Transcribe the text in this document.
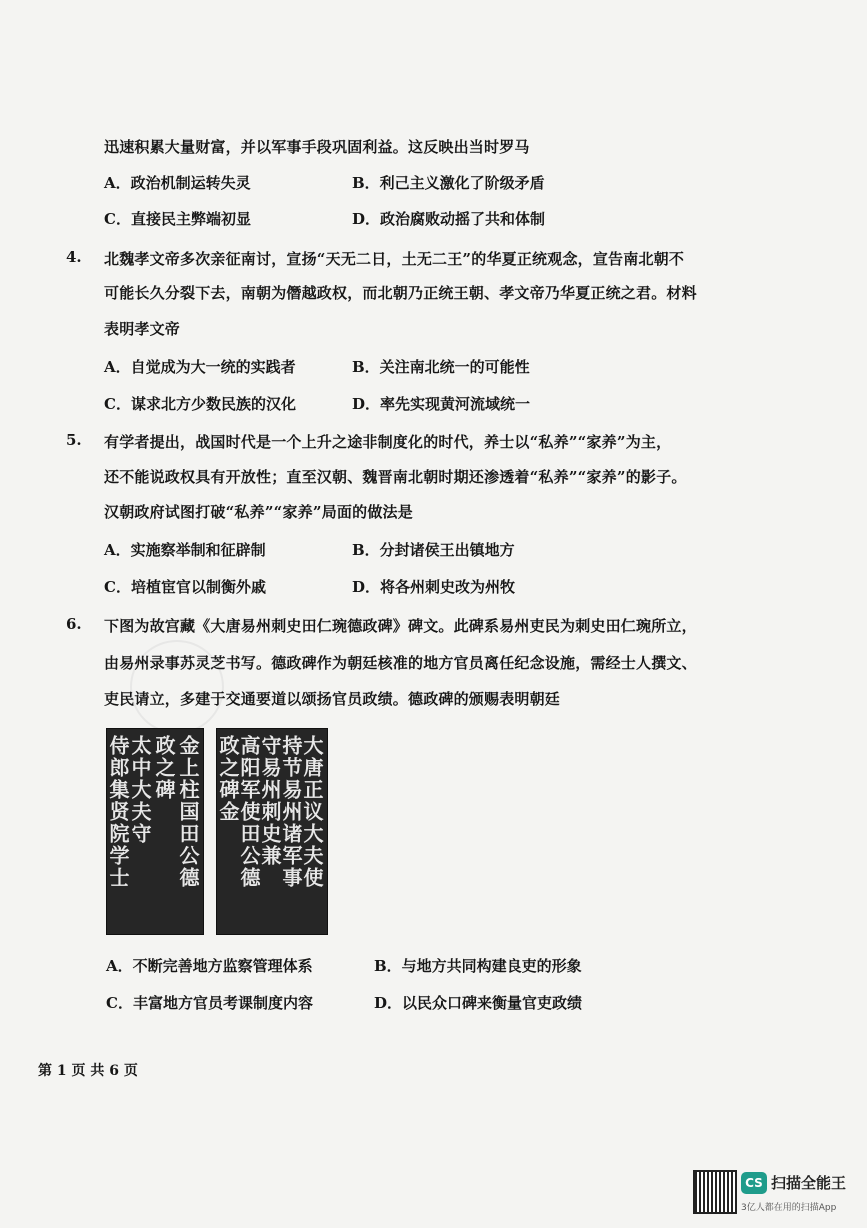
迅速积累大量财富，并以军事手段巩固利益。这反映出当时罗马
A．政治机制运转失灵	B．利己主义激化了阶级矛盾
C．直接民主弊端初显	D．政治腐败动摇了共和体制
4. 北魏孝文帝多次亲征南讨，宣扬“天无二日，土无二王”的华夏正统观念，宣告南北朝不
可能长久分裂下去，南朝为僭越政权，而北朝乃正统王朝、孝文帝乃华夏正统之君。材料
表明孝文帝
A．自觉成为大一统的实践者	B．关注南北统一的可能性
C．谋求北方少数民族的汉化	D．率先实现黄河流域统一
5. 有学者提出，战国时代是一个上升之途非制度化的时代，养士以“私养”“家养”为主，
还不能说政权具有开放性；直至汉朝、魏晋南北朝时期还渗透着“私养”“家养”的影子。
汉朝政府试图打破“私养”“家养”局面的做法是
A．实施察举制和征辟制	B．分封诸侯王出镇地方
C．培植宦官以制衡外戚	D．将各州刺史改为州牧
6. 下图为故宫藏《大唐易州刺史田仁琬德政碑》碑文。此碑系易州吏民为刺史田仁琬所立，
由易州录事苏灵芝书写。德政碑作为朝廷核准的地方官员离任纪念设施，需经士人撰文、
吏民请立，多建于交通要道以颂扬官员政绩。德政碑的颁赐表明朝廷
金上柱国田公德
政之碑
太中大夫守
侍郎集贤院学士	大唐正议大夫使
持节易州诸军事
守易州刺史兼
高阳军使田公德
政之碑金
A．不断完善地方监察管理体系	B．与地方共同构建良吏的形象
C．丰富地方官员考课制度内容	D．以民众口碑来衡量官吏政绩
第 1 页 共 6 页
CS 扫描全能王
3亿人都在用的扫描App
